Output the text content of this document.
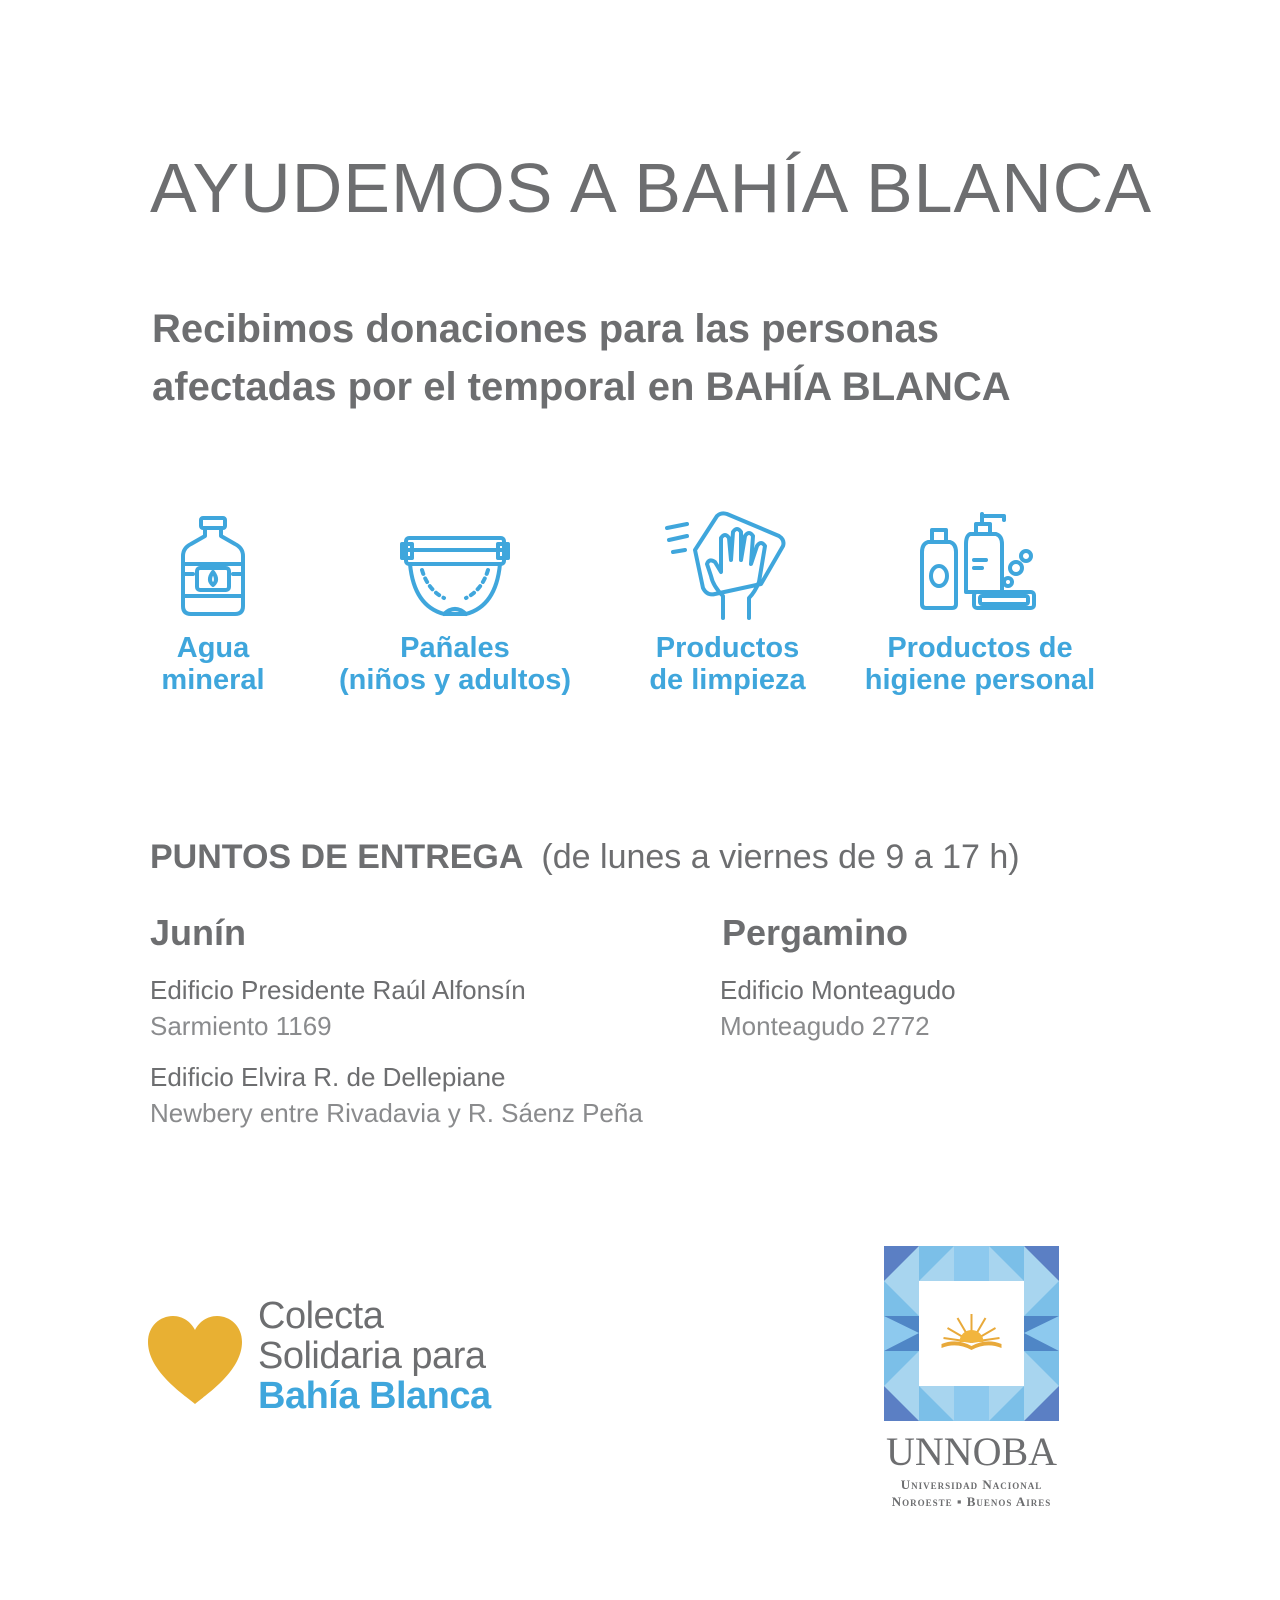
AYUDEMOS A BAHÍA BLANCA
Recibimos donaciones para las personas
afectadas por el temporal en BAHÍA BLANCA
Agua
mineral
Pañales
(niños y adultos)
Productos
de limpieza
Productos de
higiene personal
PUNTOS DE ENTREGA (de lunes a viernes de 9 a 17 h)
Junín
Edificio Presidente Raúl Alfonsín
Sarmiento 1169
Edificio Elvira R. de Dellepiane
Newbery entre Rivadavia y R. Sáenz Peña
Pergamino
Edificio Monteagudo
Monteagudo 2772
Colecta
Solidaria para
Bahía Blanca
UNNOBA
Universidad Nacional
Noroeste ▪ Buenos Aires
